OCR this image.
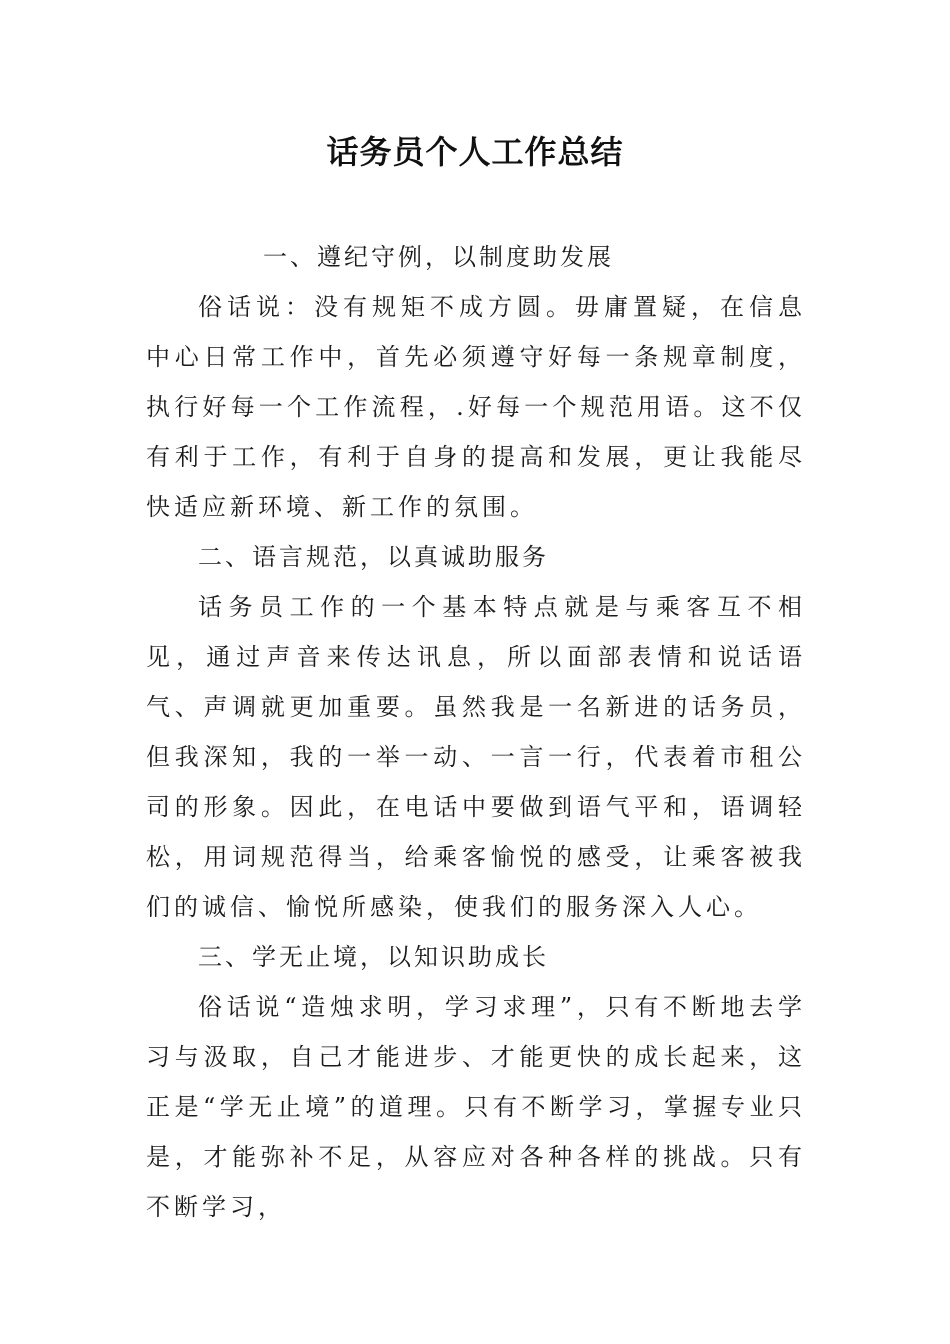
话务员个人工作总结

一、遵纪守例，以制度助发展

俗话说：没有规矩不成方圆。毋庸置疑，在信息中心日常工作中，首先必须遵守好每一条规章制度，执行好每一个工作流程，.好每一个规范用语。这不仅有利于工作，有利于自身的提高和发展，更让我能尽快适应新环境、新工作的氛围。

二、语言规范，以真诚助服务

话务员工作的一个基本特点就是与乘客互不相见，通过声音来传达讯息，所以面部表情和说话语气、声调就更加重要。虽然我是一名新进的话务员，但我深知，我的一举一动、一言一行，代表着市租公司的形象。因此，在电话中要做到语气平和，语调轻松，用词规范得当，给乘客愉悦的感受，让乘客被我们的诚信、愉悦所感染，使我们的服务深入人心。

三、学无止境，以知识助成长

俗话说“造烛求明，学习求理”，只有不断地去学习与汲取，自己才能进步、才能更快的成长起来，这正是“学无止境”的道理。只有不断学习，掌握专业只是，才能弥补不足，从容应对各种各样的挑战。只有不断学习，
